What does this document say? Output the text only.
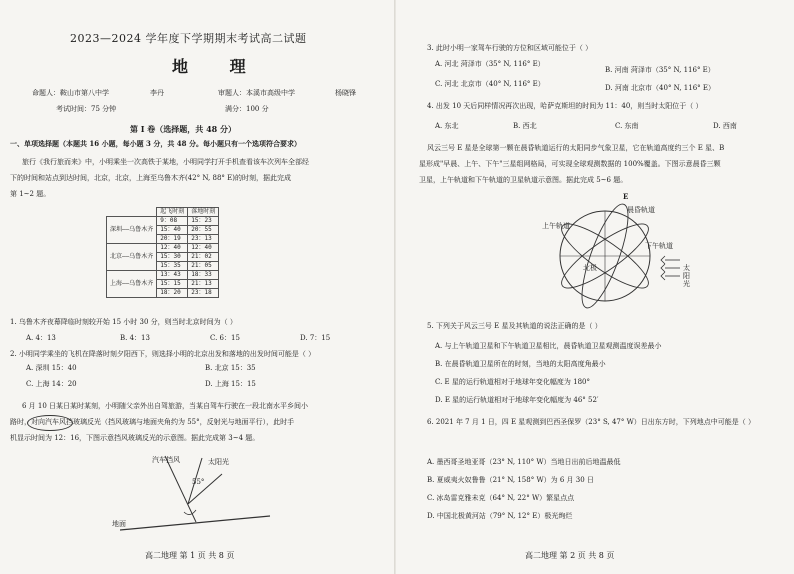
2023—2024 学年度下学期期末考试高二试题
地 理
命题人：鞍山市第八中学	李丹	审题人：本溪市高级中学	杨晓锋
考试时间：75 分钟	满分：100 分
第 Ⅰ 卷（选择题，共 48 分）
一、单项选择题（本题共 16 小题，每小题 3 分，共 48 分。每小题只有一个选项符合要求）
旅行《我行旅而来》中，小明乘坐一次高铁于某地，小明同学打开手机查看该车次列车全部经
下的时间和站点到达时间，北京，北京，上海至乌鲁木齐(42° N, 88° E)的时刻，据此完成
第 1~2 题。
	起飞时刻	落地时刻
深圳——乌鲁木齐	9：08	15：23
	15：40	20：55
	20：19	23：13
北京——乌鲁木齐	12：40	12：40
	15：30	21：02
	15：35	21：05
上海——乌鲁木齐	13：43	18：33
	15：15	21：13
	18：20	23：18
1. 乌鲁木齐夜幕降临时刻较开始 15 小时 30 分，则当时北京时间为（ ）
A. 4：13	B. 4：13	C. 6：15	D. 7：15
2. 小明同学乘坐的飞机在降落时刻夕阳西下，则选择小明的北京出发和落地的出发时间可能是（ ）
A. 深圳 15：40	B. 北京 15：35
C. 上海 14：20	D. 上海 15：15
6 月 10 日某日某时某刻，小明随父亲外出自驾旅游，当某自驾车行驶在一段北南水平乡间小
路时，对向汽车风挡玻璃反光（挡风玻璃与地面夹角约为 55°，反射光与地面平行），此时手
机显示时间为 12：16，下图示意挡风玻璃反光的示意图。据此完成第 3~4 题。
汽车挡风	太阳光
55°
地面
高二地理 第 1 页 共 8 页
3. 此时小明一家驾车行驶的方位和区域可能位于（ ）
A. 河北 菏泽市（35° N, 116° E）
B. 河南 菏泽市（35° N, 116° E）
C. 河北 北京市（40° N, 116° E）	D. 河南 北京市（40° N, 116° E）
4. 出发 10 天后同样情况再次出现，哈萨克斯坦的时间为 11：40，则当时太阳位于（ ）
A. 东北	B. 西北	C. 东南	D. 西南
风云三号 E 星是全球第一颗在晨昏轨道运行的太阳同步气象卫星，它在轨道高度约三个 E 星、B
星形成"早晨、上午、下午"三星组网格局，可实现全球观测数据的 100%覆盖。下图示意晨昏三颗
卫星，上午轨道和下午轨道的卫星轨道示意图。据此完成 5~6 题。
E
晨昏轨道
上午轨道
下午轨道
北极	太阳光
5. 下列关于风云三号 E 星及其轨道的说法正确的是（ ）
A. 与上午轨道卫星和下午轨道卫星相比，晨昏轨道卫星观测温度误差最小
B. 在晨昏轨道卫星所在的时刻，当地的太阳高度角最小
C. E 星的运行轨道相对于地球年变化幅度为 180°
D. E 星的运行轨道相对于地球年变化幅度为 46° 52′
6. 2021 年 7 月 1 日，四 E 星观测到巴西圣保罗（23° S, 47° W）日出东方时，下列地点中可能是（ ）
A. 墨西哥圣地亚哥（23° N, 110° W）当地日出前后地温最低
B. 夏威夷火奴鲁鲁（21° N, 158° W）为 6 月 30 日
C. 冰岛雷克雅未克（64° N, 22° W）繁星点点
D. 中国北极黄河站（79° N, 12° E）极光绚烂
高二地理 第 2 页 共 8 页
